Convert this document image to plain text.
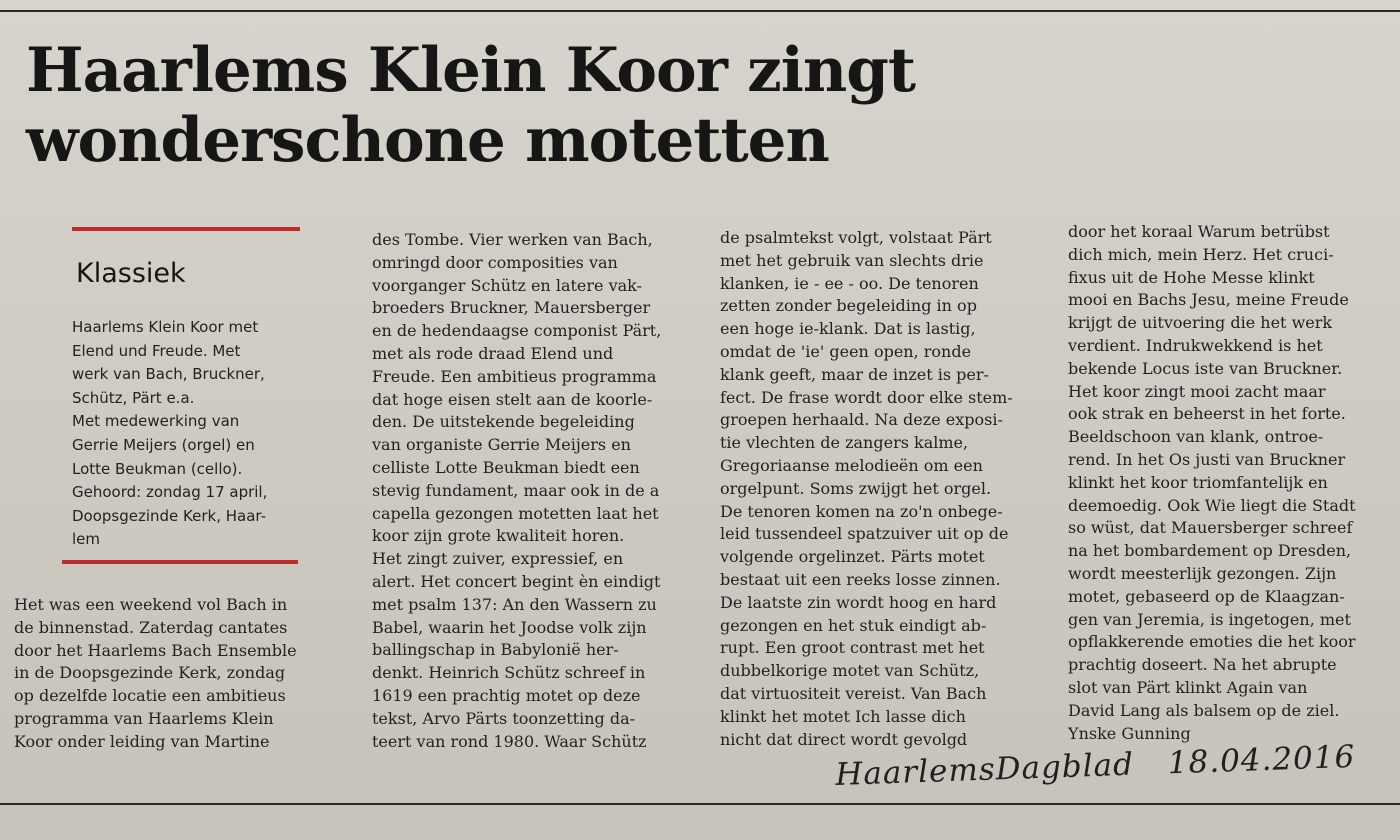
Haarlems Klein Koor zingt
wonderschone motetten
Klassiek
Haarlems Klein Koor met
Elend und Freude. Met
werk van Bach, Bruckner,
Schütz, Pärt e.a.
Met medewerking van
Gerrie Meijers (orgel) en
Lotte Beukman (cello).
Gehoord: zondag 17 april,
Doopsgezinde Kerk, Haar-
lem
Het was een weekend vol Bach in
de binnenstad. Zaterdag cantates
door het Haarlems Bach Ensemble
in de Doopsgezinde Kerk, zondag
op dezelfde locatie een ambitieus
programma van Haarlems Klein
Koor onder leiding van Martine
des Tombe. Vier werken van Bach,
omringd door composities van
voorganger Schütz en latere vak-
broeders Bruckner, Mauersberger
en de hedendaagse componist Pärt,
met als rode draad Elend und
Freude. Een ambitieus programma
dat hoge eisen stelt aan de koorle-
den. De uitstekende begeleiding
van organiste Gerrie Meijers en
celliste Lotte Beukman biedt een
stevig fundament, maar ook in de a
capella gezongen motetten laat het
koor zijn grote kwaliteit horen.
Het zingt zuiver, expressief, en
alert. Het concert begint èn eindigt
met psalm 137: An den Wassern zu
Babel, waarin het Joodse volk zijn
ballingschap in Babylonië her-
denkt. Heinrich Schütz schreef in
1619 een prachtig motet op deze
tekst, Arvo Pärts toonzetting da-
teert van rond 1980. Waar Schütz
de psalmtekst volgt, volstaat Pärt
met het gebruik van slechts drie
klanken, ie - ee - oo. De tenoren
zetten zonder begeleiding in op
een hoge ie-klank. Dat is lastig,
omdat de 'ie' geen open, ronde
klank geeft, maar de inzet is per-
fect. De frase wordt door elke stem-
groepen herhaald. Na deze exposi-
tie vlechten de zangers kalme,
Gregoriaanse melodieën om een
orgelpunt. Soms zwijgt het orgel.
De tenoren komen na zo'n onbege-
leid tussendeel spatzuiver uit op de
volgende orgelinzet. Pärts motet
bestaat uit een reeks losse zinnen.
De laatste zin wordt hoog en hard
gezongen en het stuk eindigt ab-
rupt. Een groot contrast met het
dubbelkorige motet van Schütz,
dat virtuositeit vereist. Van Bach
klinkt het motet Ich lasse dich
nicht dat direct wordt gevolgd
door het koraal Warum betrübst
dich mich, mein Herz. Het cruci-
fixus uit de Hohe Messe klinkt
mooi en Bachs Jesu, meine Freude
krijgt de uitvoering die het werk
verdient. Indrukwekkend is het
bekende Locus iste van Bruckner.
Het koor zingt mooi zacht maar
ook strak en beheerst in het forte.
Beeldschoon van klank, ontroe-
rend. In het Os justi van Bruckner
klinkt het koor triomfantelijk en
deemoedig. Ook Wie liegt die Stadt
so wüst, dat Mauersberger schreef
na het bombardement op Dresden,
wordt meesterlijk gezongen. Zijn
motet, gebaseerd op de Klaagzan-
gen van Jeremia, is ingetogen, met
opflakkerende emoties die het koor
prachtig doseert. Na het abrupte
slot van Pärt klinkt Again van
David Lang als balsem op de ziel.
Ynske Gunning
HaarlemsDagblad 18.04.2016
